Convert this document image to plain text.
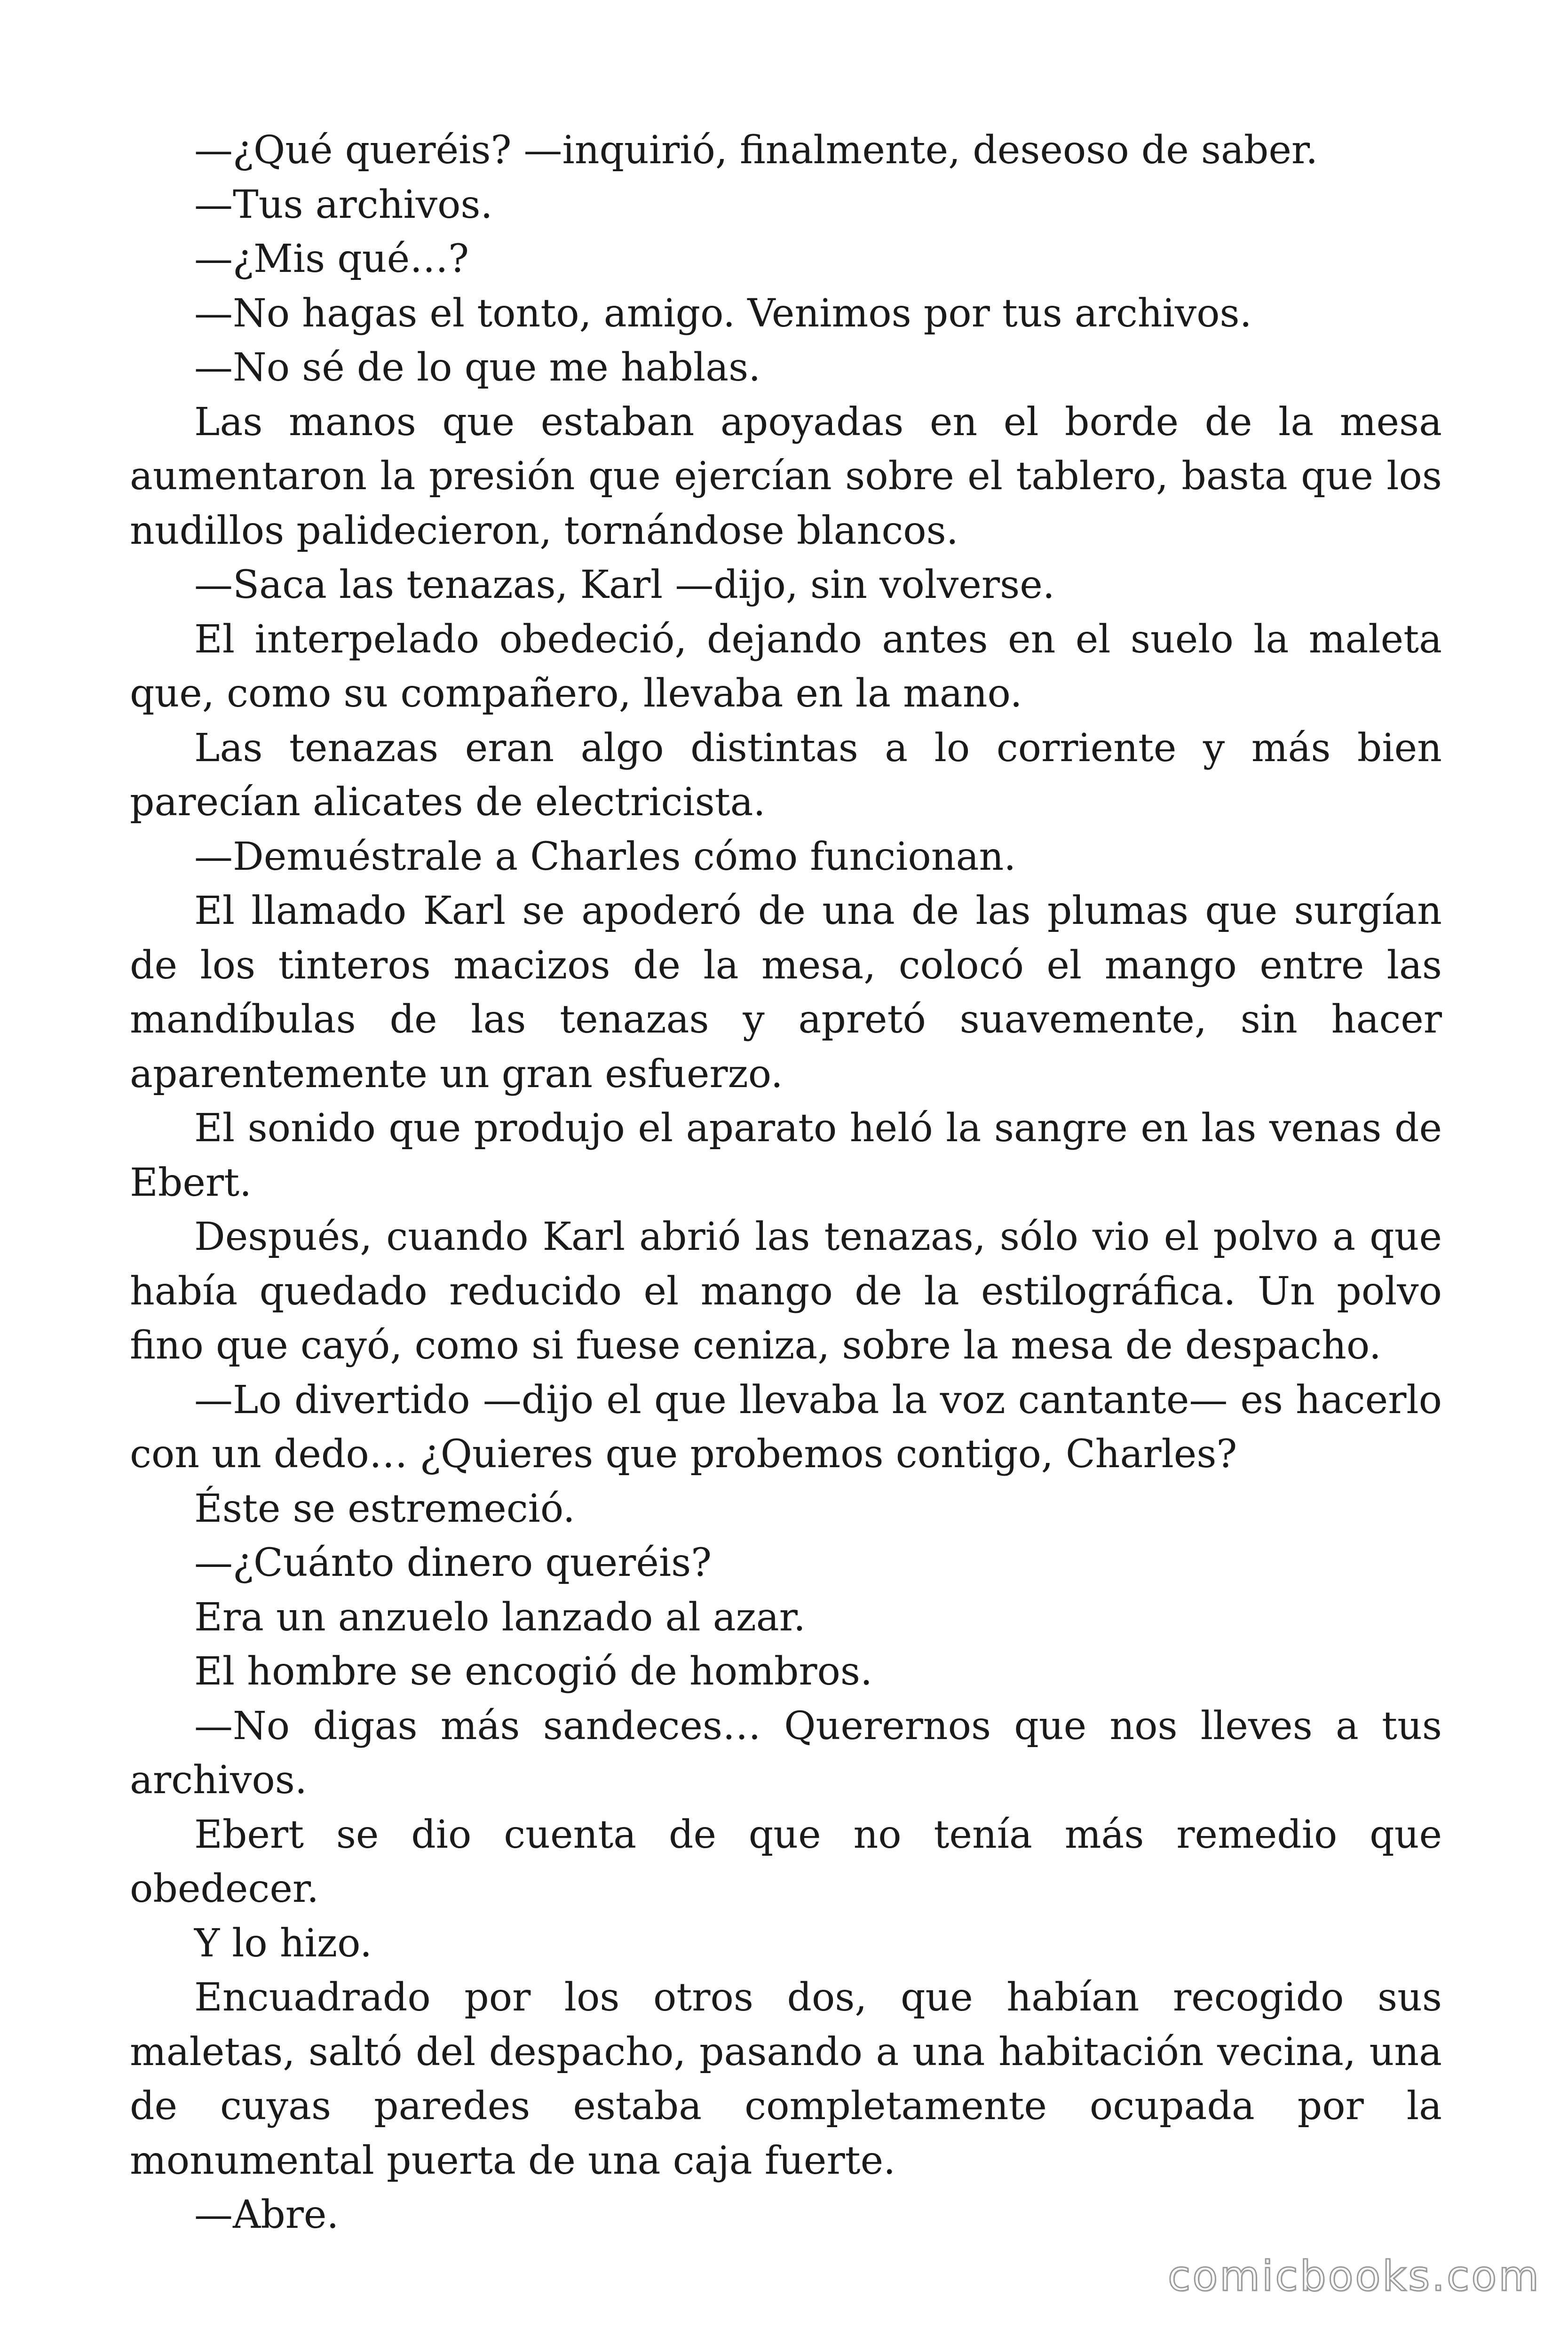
—¿Qué queréis? —inquirió, finalmente, deseoso de saber.

—Tus archivos.

—¿Mis qué…?

—No hagas el tonto, amigo. Venimos por tus archivos.

—No sé de lo que me hablas.

Las manos que estaban apoyadas en el borde de la mesa aumentaron la presión que ejercían sobre el tablero, basta que los nudillos palidecieron, tornándose blancos.

—Saca las tenazas, Karl —dijo, sin volverse.

El interpelado obedeció, dejando antes en el suelo la maleta que, como su compañero, llevaba en la mano.

Las tenazas eran algo distintas a lo corriente y más bien parecían alicates de electricista.

—Demuéstrale a Charles cómo funcionan.

El llamado Karl se apoderó de una de las plumas que surgían de los tinteros macizos de la mesa, colocó el mango entre las mandíbulas de las tenazas y apretó suavemente, sin hacer aparentemente un gran esfuerzo.

El sonido que produjo el aparato heló la sangre en las venas de Ebert.

Después, cuando Karl abrió las tenazas, sólo vio el polvo a que había quedado reducido el mango de la estilográfica. Un polvo fino que cayó, como si fuese ceniza, sobre la mesa de despacho.

—Lo divertido —dijo el que llevaba la voz cantante— es hacerlo con un dedo… ¿Quieres que probemos contigo, Charles?

Éste se estremeció.

—¿Cuánto dinero queréis?

Era un anzuelo lanzado al azar.

El hombre se encogió de hombros.

—No digas más sandeces… Querernos que nos lleves a tus archivos.

Ebert se dio cuenta de que no tenía más remedio que obedecer.

Y lo hizo.

Encuadrado por los otros dos, que habían recogido sus maletas, saltó del despacho, pasando a una habitación vecina, una de cuyas paredes estaba completamente ocupada por la monumental puerta de una caja fuerte.

—Abre.

comicbooks.com
